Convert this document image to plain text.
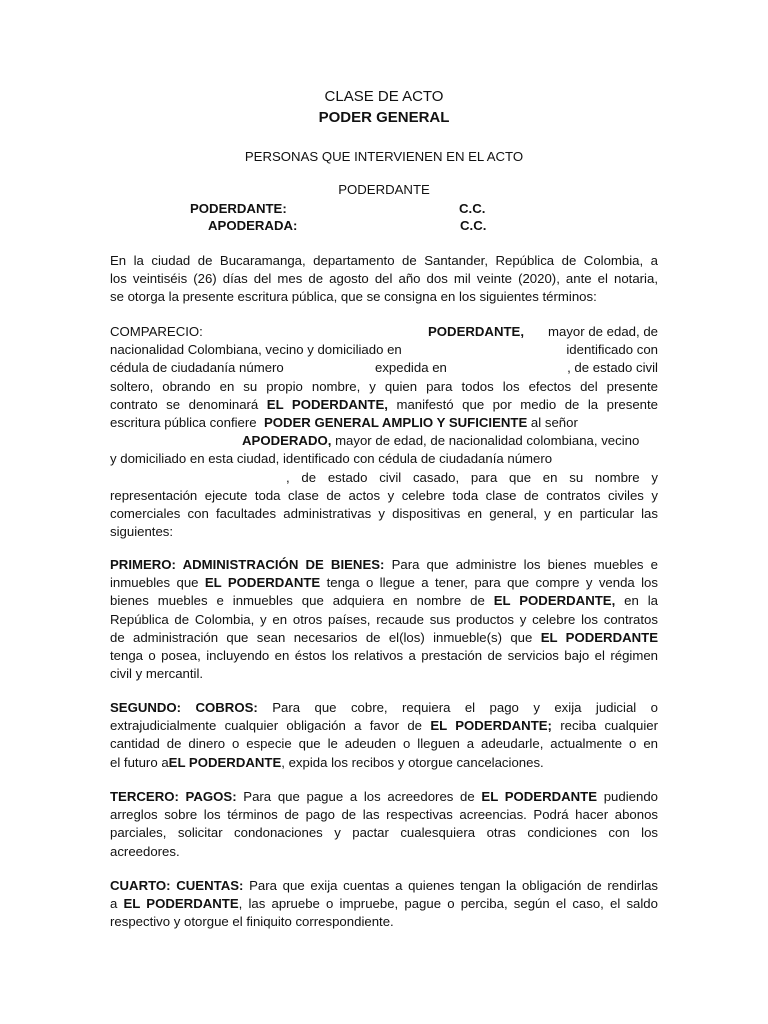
CLASE DE ACTO
PODER GENERAL
PERSONAS QUE INTERVIENEN EN EL ACTO
PODERDANTE
PODERDANTE:	C.C.
APODERADA:	C.C.
En la ciudad de Bucaramanga, departamento de Santander, República de Colombia, a
los veintiséis (26) días del mes de agosto del año dos mil veinte (2020), ante el notaria,
se otorga la presente escritura pública, que se consigna en los siguientes términos:
COMPARECIO:	PODERDANTE, mayor de edad, de
nacionalidad Colombiana, vecino y domiciliado en	identificado con
cédula de ciudadanía número	expedida en	, de estado civil
soltero, obrando en su propio nombre, y quien para todos los efectos del presente
contrato se denominará EL PODERDANTE, manifestó que por medio de la presente
escritura pública confiere PODER GENERAL AMPLIO Y SUFICIENTE al señor
APODERADO, mayor de edad, de nacionalidad colombiana, vecino
y domiciliado en esta ciudad, identificado con cédula de ciudadanía número
, de estado civil casado, para que en su nombre y
representación ejecute toda clase de actos y celebre toda clase de contratos civiles y
comerciales con facultades administrativas y dispositivas en general, y en particular las
siguientes:
PRIMERO: ADMINISTRACIÓN DE BIENES: Para que administre los bienes muebles e
inmuebles que EL PODERDANTE tenga o llegue a tener, para que compre y venda los
bienes muebles e inmuebles que adquiera en nombre de EL PODERDANTE, en la
República de Colombia, y en otros países, recaude sus productos y celebre los contratos
de administración que sean necesarios de el(los) inmueble(s) que EL PODERDANTE
tenga o posea, incluyendo en éstos los relativos a prestación de servicios bajo el régimen
civil y mercantil.
SEGUNDO: COBROS: Para que cobre, requiera el pago y exija judicial o
extrajudicialmente cualquier obligación a favor de EL PODERDANTE; reciba cualquier
cantidad de dinero o especie que le adeuden o lleguen a adeudarle, actualmente o en
el futuro aEL PODERDANTE, expida los recibos y otorgue cancelaciones.
TERCERO: PAGOS: Para que pague a los acreedores de EL PODERDANTE pudiendo
arreglos sobre los términos de pago de las respectivas acreencias. Podrá hacer abonos
parciales, solicitar condonaciones y pactar cualesquiera otras condiciones con los
acreedores.
CUARTO: CUENTAS: Para que exija cuentas a quienes tengan la obligación de rendirlas
a EL PODERDANTE, las apruebe o impruebe, pague o perciba, según el caso, el saldo
respectivo y otorgue el finiquito correspondiente.
